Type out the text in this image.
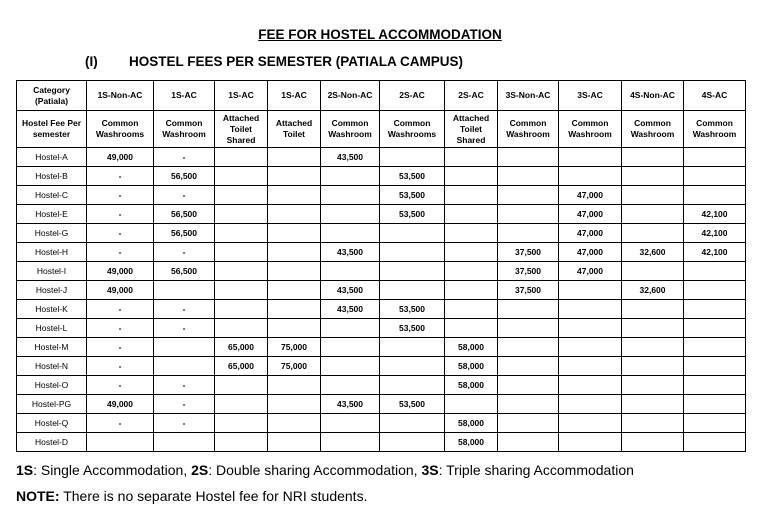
FEE FOR HOSTEL ACCOMMODATION
(I) HOSTEL FEES PER SEMESTER (PATIALA CAMPUS)
Category (Patiala)	1S-Non-AC	1S-AC	1S-AC	1S-AC	2S-Non-AC	2S-AC	2S-AC	3S-Non-AC	3S-AC	4S-Non-AC	4S-AC
Hostel Fee Per semester	Common Washrooms	Common Washroom	Attached Toilet Shared	Attached Toilet	Common Washroom	Common Washrooms	Attached Toilet Shared	Common Washroom	Common Washroom	Common Washroom	Common Washroom
Hostel-A	49,000	-			43,500						
Hostel-B	-	56,500				53,500					
Hostel-C	-	-				53,500			47,000		
Hostel-E	-	56,500				53,500			47,000		42,100
Hostel-G	-	56,500							47,000		42,100
Hostel-H	-	-			43,500			37,500	47,000	32,600	42,100
Hostel-I	49,000	56,500						37,500	47,000		
Hostel-J	49,000				43,500			37,500		32,600	
Hostel-K	-	-			43,500	53,500					
Hostel-L	-	-				53,500					
Hostel-M	-		65,000	75,000			58,000				
Hostel-N	-		65,000	75,000			58,000				
Hostel-O	-	-					58,000				
Hostel-PG	49,000	-			43,500	53,500					
Hostel-Q	-	-					58,000				
Hostel-D							58,000				
1S: Single Accommodation, 2S: Double sharing Accommodation, 3S: Triple sharing Accommodation
NOTE: There is no separate Hostel fee for NRI students.
